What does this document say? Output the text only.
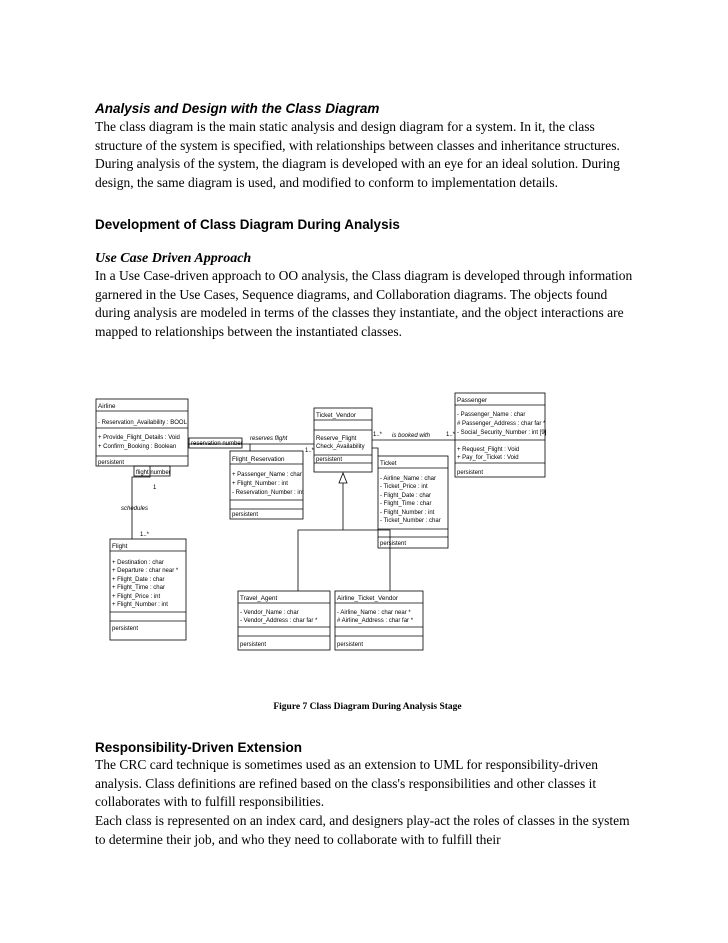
Analysis and Design with the Class Diagram
The class diagram is the main static analysis and design diagram for a system. In it, the class structure of the system is specified, with relationships between classes and inheritance structures. During analysis of the system, the diagram is developed with an eye for an ideal solution. During design, the same diagram is used, and modified to conform to implementation details.
Development of Class Diagram During Analysis
Use Case Driven Approach
In a Use Case-driven approach to OO analysis, the Class diagram is developed through information garnered in the Use Cases, Sequence diagrams, and Collaboration diagrams. The objects found during analysis are modeled in terms of the classes they instantiate, and the object interactions are mapped to relationships between the instantiated classes.
Airline
- Reservation_Availability : BOOL
+ Provide_Flight_Details : Void
+ Confirm_Booking : Boolean
persistent
Ticket_Vendor
Reserve_Flight
Check_Availability
persistent
Passenger
- Passenger_Name : char
# Passenger_Address : char far *
- Social_Security_Number : int [9]
+ Request_Flight : Void
+ Pay_for_Ticket : Void
persistent
Flight_Reservation
+ Passenger_Name : char
+ Flight_Number : int
- Reservation_Number : int
persistent
Ticket
- Airline_Name : char
- Ticket_Price : int
- Flight_Date : char
- Flight_Time : char
- Flight_Number : int
- Ticket_Number : char
persistent
Flight
+ Destination : char
+ Departure : char near *
+ Flight_Date : char
+ Flight_Time : char
+ Flight_Price : int
+ Flight_Number : int
persistent
Travel_Agent
- Vendor_Name : char
- Vendor_Address : char far *
persistent
Airline_Ticket_Vendor
- Airline_Name : char near *
# Airline_Address : char far *
persistent
reservation number
reserves flight	is booked with
flight number
schedules
1
1..*
1..*
1..*	1..*
Figure 7 Class Diagram During Analysis Stage
Responsibility-Driven Extension
The CRC card technique is sometimes used as an extension to UML for responsibility-driven analysis. Class definitions are refined based on the class's responsibilities and other classes it collaborates with to fulfill responsibilities.
Each class is represented on an index card, and designers play-act the roles of classes in the system to determine their job, and who they need to collaborate with to fulfill their
